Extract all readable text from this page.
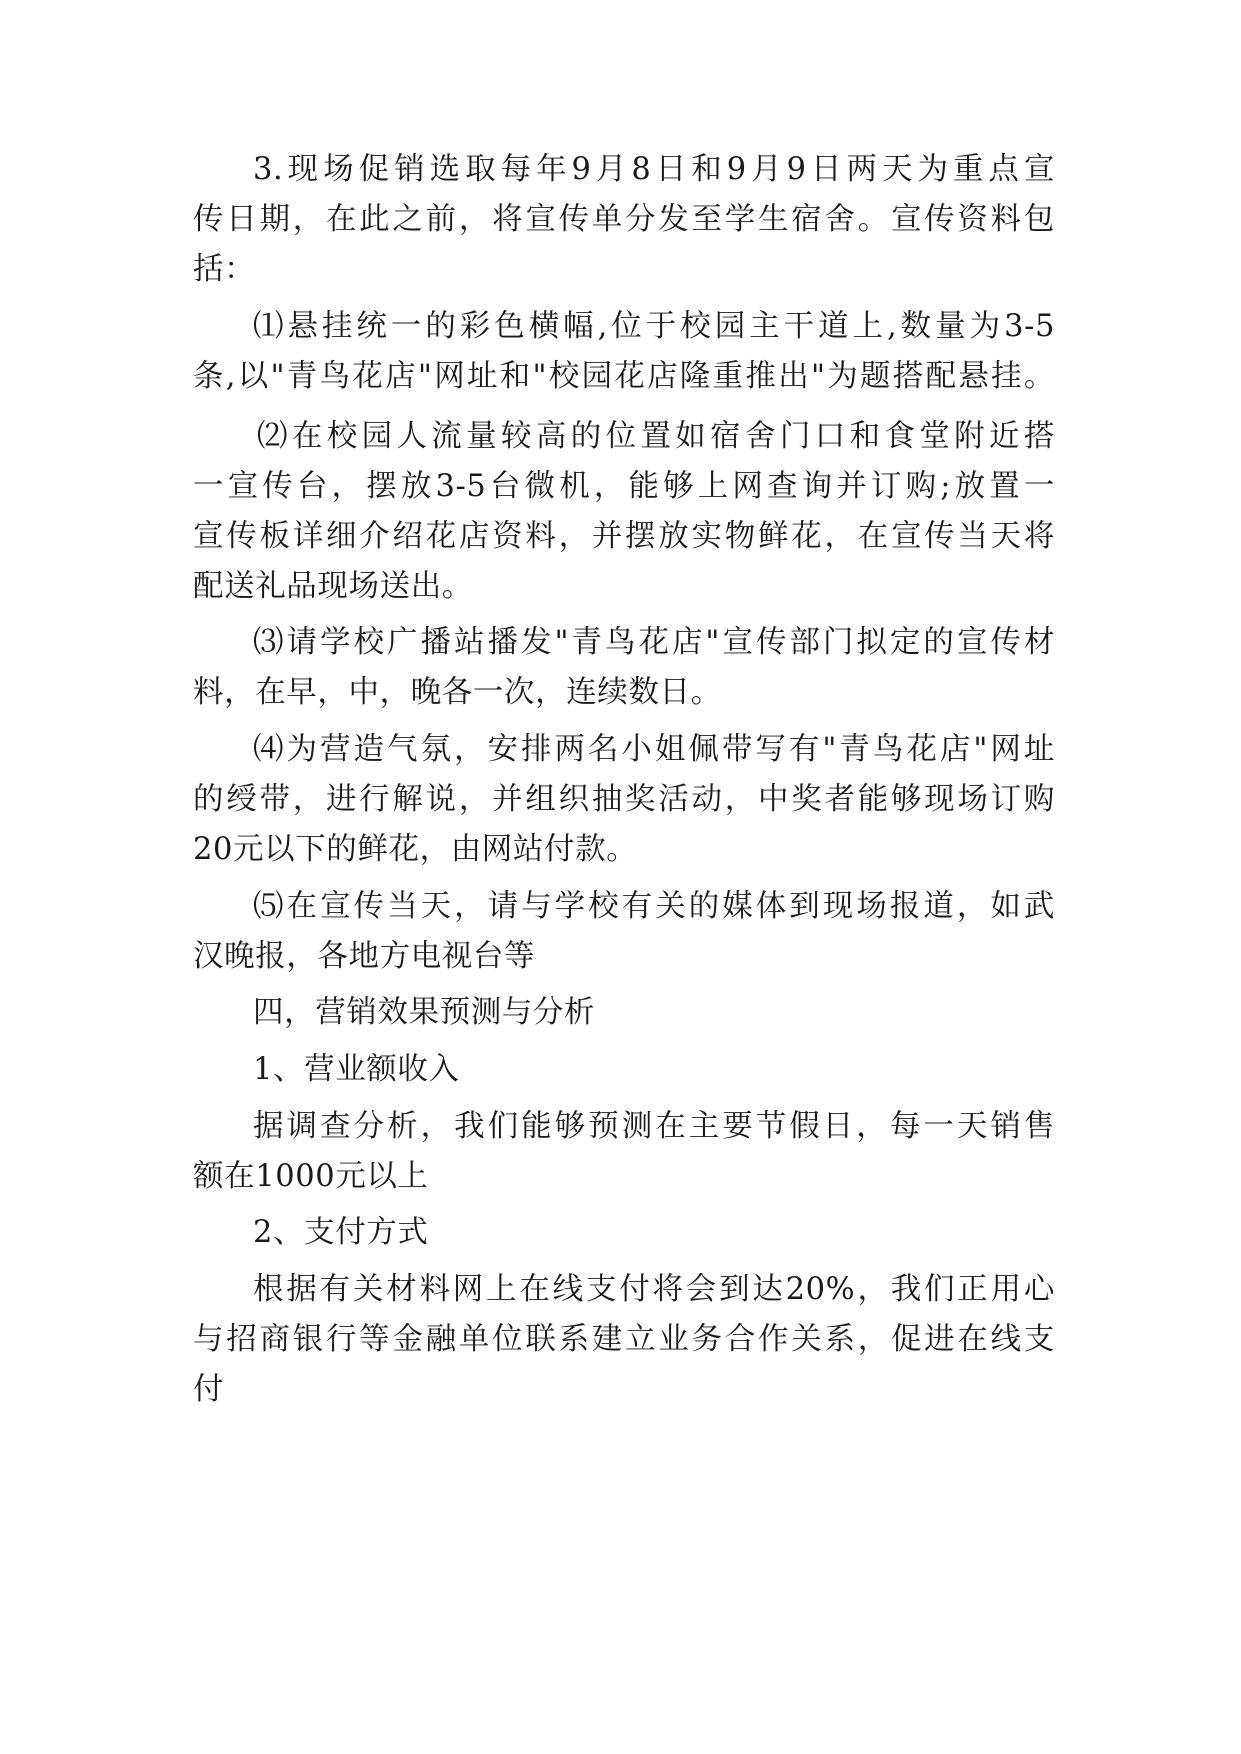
3.现场促销选取每年9月8日和9月9日两天为重点宣
传日期，在此之前，将宣传单分发至学生宿舍。宣传资料包
括：
⑴悬挂统一的彩色横幅,位于校园主干道上,数量为3-5
条,以"青鸟花店"网址和"校园花店隆重推出"为题搭配悬挂。
⑵在校园人流量较高的位置如宿舍门口和食堂附近搭
一宣传台，摆放3-5台微机，能够上网查询并订购;放置一
宣传板详细介绍花店资料，并摆放实物鲜花，在宣传当天将
配送礼品现场送出。
⑶请学校广播站播发"青鸟花店"宣传部门拟定的宣传材
料，在早，中，晚各一次，连续数日。
⑷为营造气氛，安排两名小姐佩带写有"青鸟花店"网址
的绶带，进行解说，并组织抽奖活动，中奖者能够现场订购
20元以下的鲜花，由网站付款。
⑸在宣传当天，请与学校有关的媒体到现场报道，如武
汉晚报，各地方电视台等
四，营销效果预测与分析
1、营业额收入
据调查分析，我们能够预测在主要节假日，每一天销售
额在1000元以上
2、支付方式
根据有关材料网上在线支付将会到达20%，我们正用心
与招商银行等金融单位联系建立业务合作关系，促进在线支
付
